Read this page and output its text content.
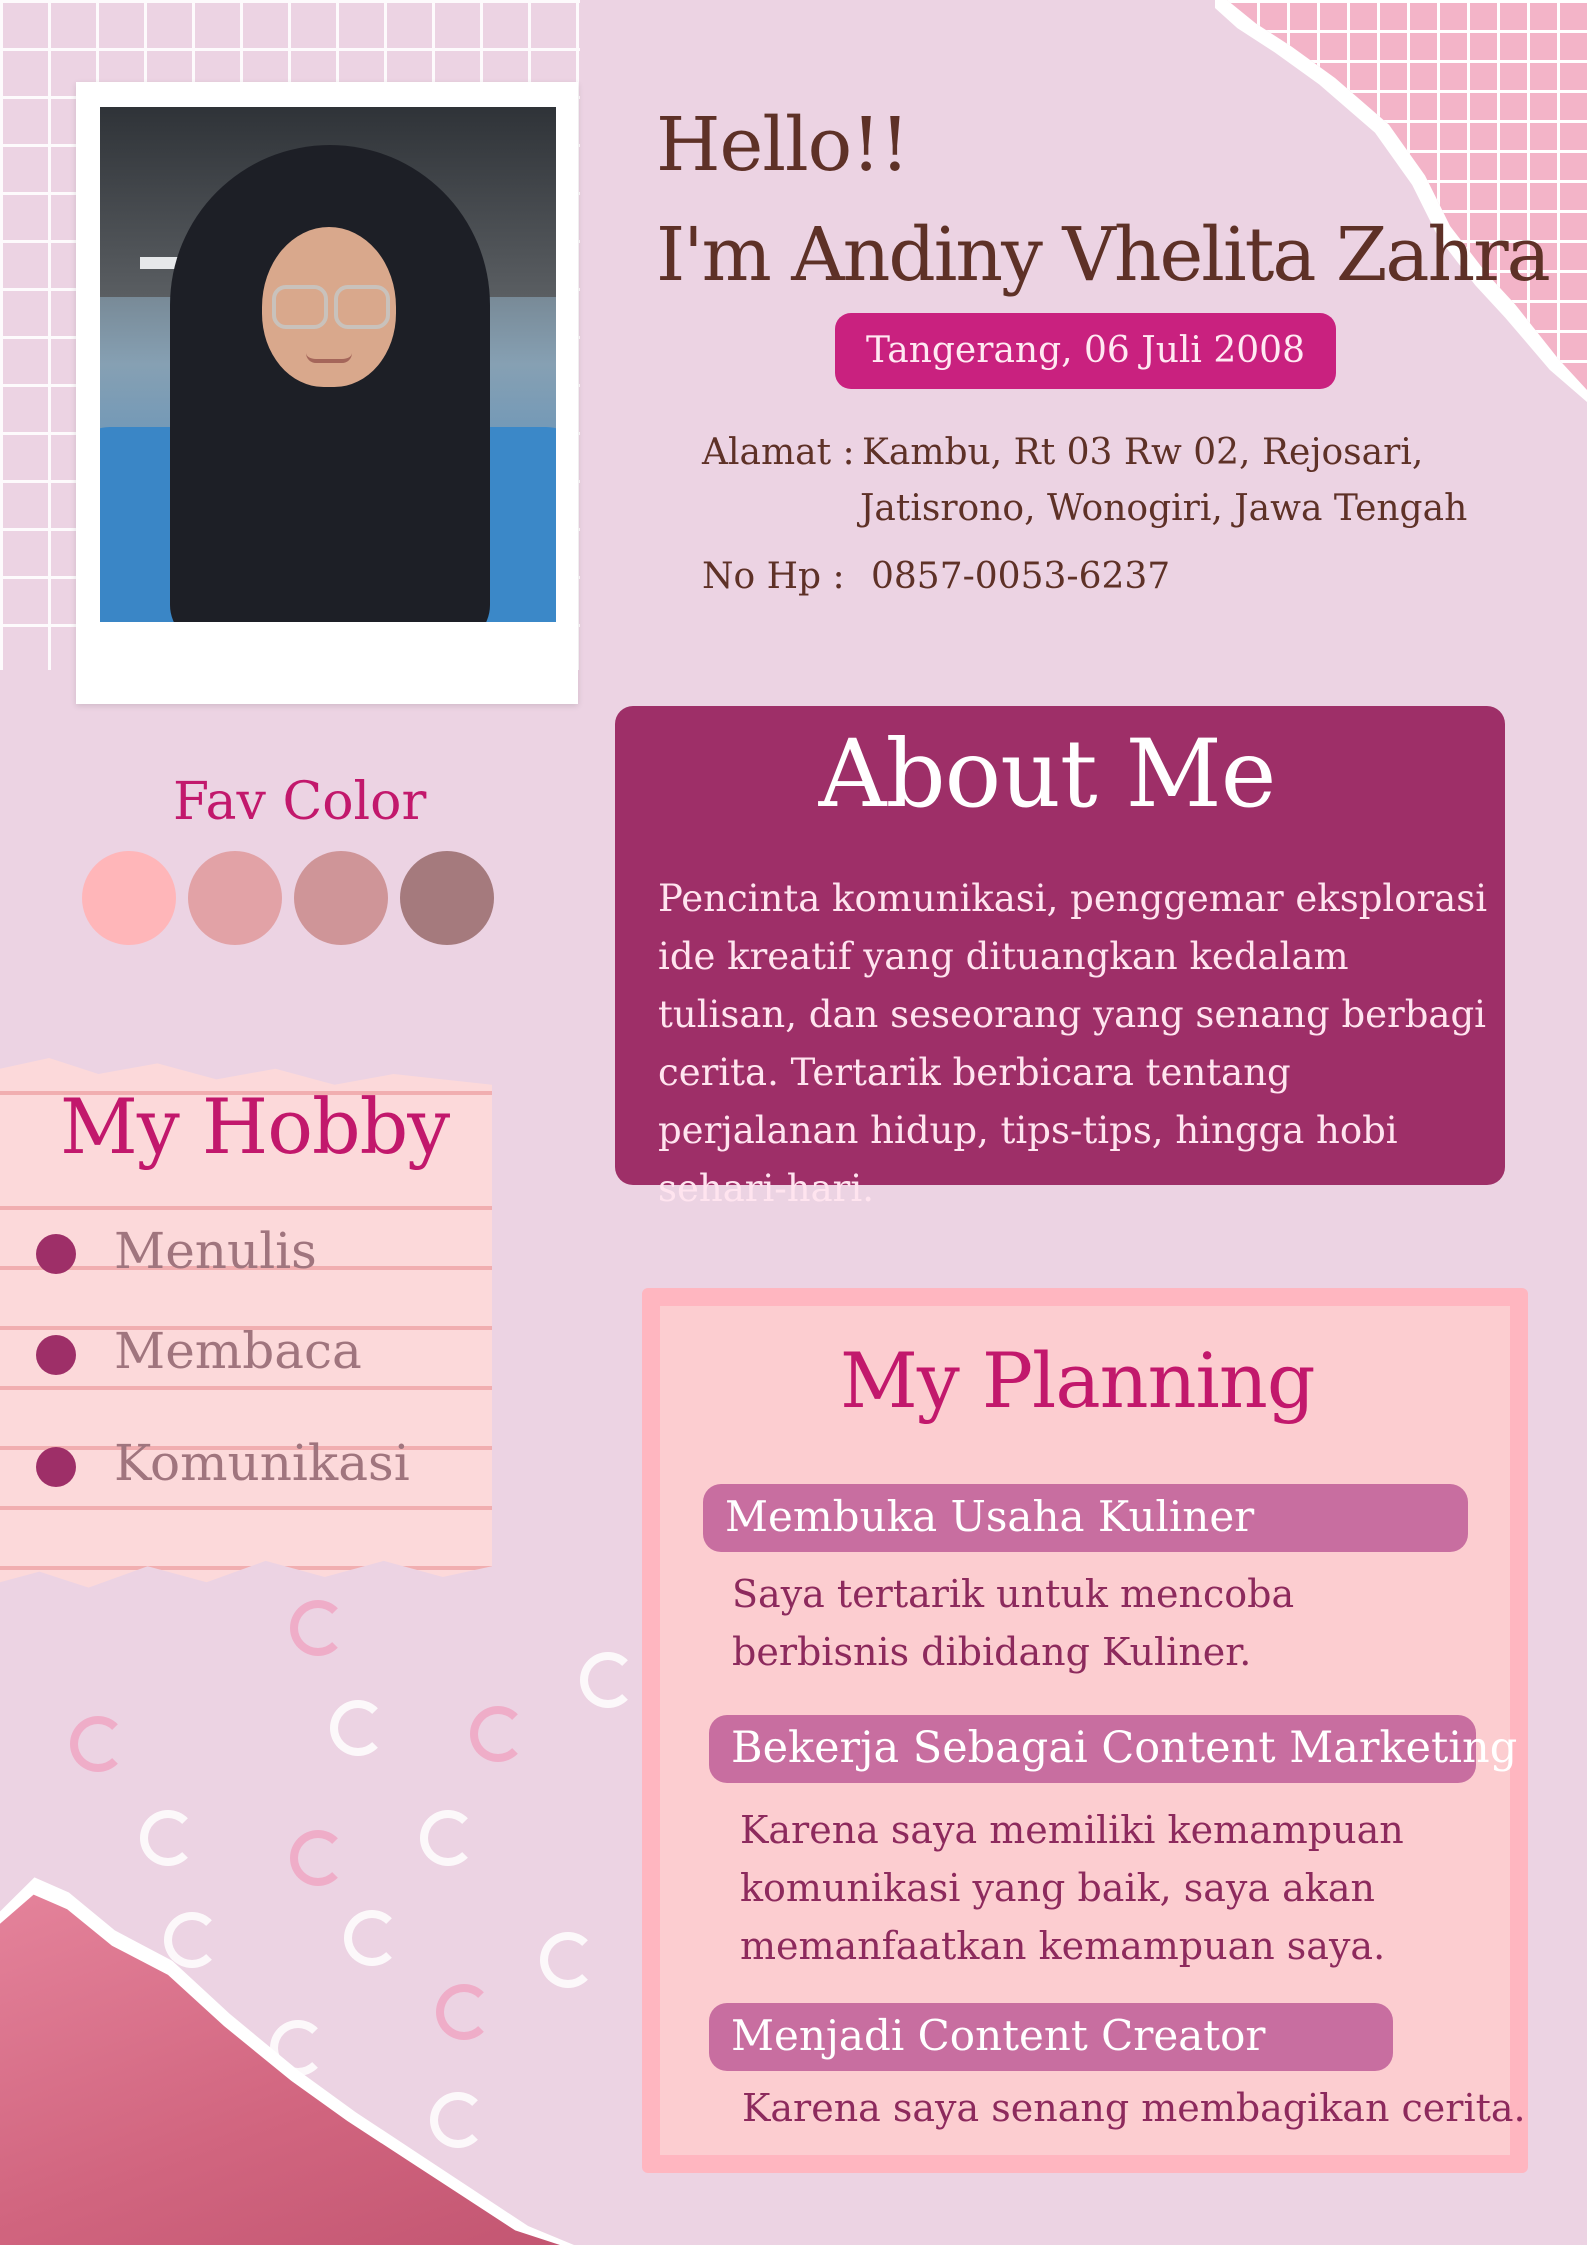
Hello!!
I'm Andiny Vhelita Zahra
Tangerang, 06 Juli 2008
Alamat : Kambu, Rt 03 Rw 02, Rejosari,
Jatisrono, Wonogiri, Jawa Tengah
No Hp : 0857-0053-6237
Fav Color	About Me
Pencinta komunikasi, penggemar eksplorasi ide kreatif yang dituangkan kedalam tulisan, dan seseorang yang senang berbagi cerita. Tertarik berbicara tentang perjalanan hidup, tips-tips, hingga hobi sehari-hari.
My Hobby
Menulis
Membaca
Komunikasi
My Planning
Membuka Usaha Kuliner
Saya tertarik untuk mencoba berbisnis dibidang Kuliner.
Bekerja Sebagai Content Marketing
Karena saya memiliki kemampuan komunikasi yang baik, saya akan memanfaatkan kemampuan saya.
Menjadi Content Creator
Karena saya senang membagikan cerita.
